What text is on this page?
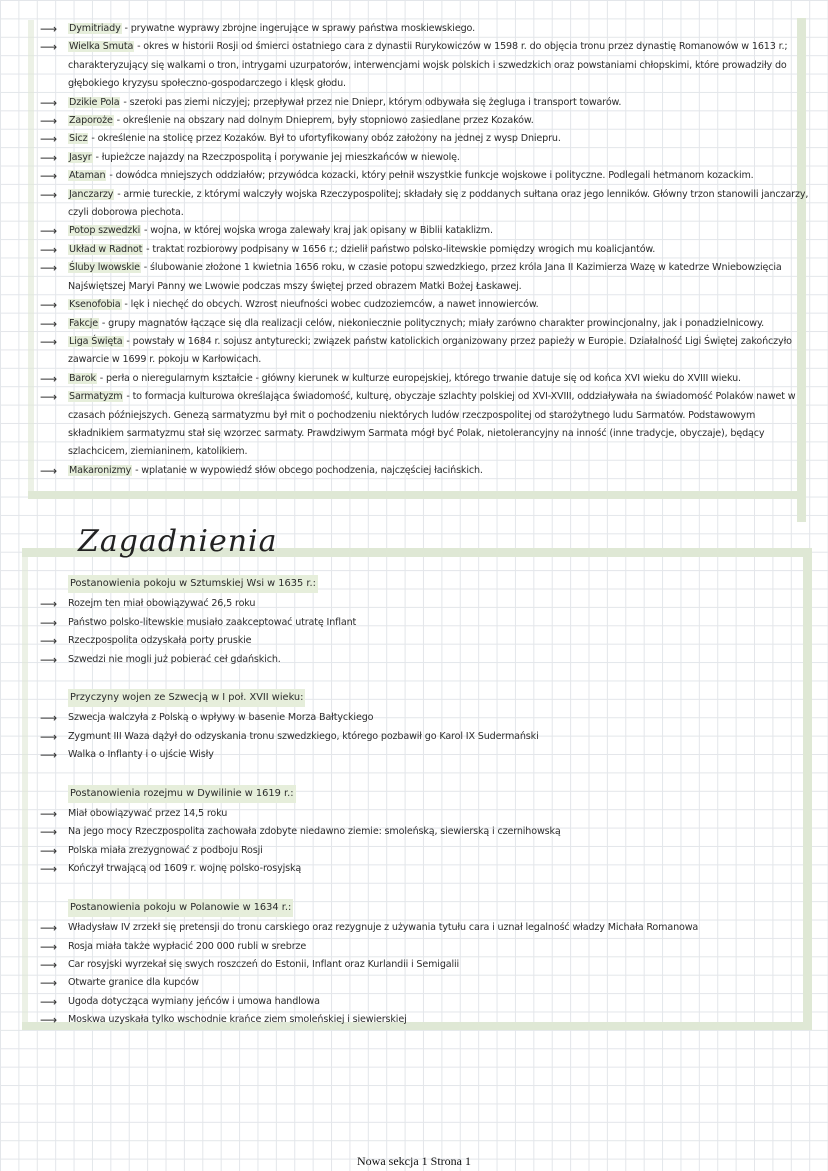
⟶	Dymitriady - prywatne wyprawy zbrojne ingerujące w sprawy państwa moskiewskiego.
⟶	Wielka Smuta - okres w historii Rosji od śmierci ostatniego cara z dynastii Rurykowiczów w 1598 r. do objęcia tronu przez dynastię Romanowów w 1613 r.; charakteryzujący się walkami o tron, intrygami uzurpatorów, interwencjami wojsk polskich i szwedzkich oraz powstaniami chłopskimi, które prowadziły do głębokiego kryzysu społeczno-gospodarczego i klęsk głodu.
⟶	Dzikie Pola - szeroki pas ziemi niczyjej; przepływał przez nie Dniepr, którym odbywała się żegluga i transport towarów.
⟶	Zaporoże - określenie na obszary nad dolnym Dnieprem, były stopniowo zasiedlane przez Kozaków.
⟶	Sicz - określenie na stolicę przez Kozaków. Był to ufortyfikowany obóz założony na jednej z wysp Dniepru.
⟶	Jasyr - łupieżcze najazdy na Rzeczpospolitą i porywanie jej mieszkańców w niewolę.
⟶	Ataman - dowódca mniejszych oddziałów; przywódca kozacki, który pełnił wszystkie funkcje wojskowe i polityczne. Podlegali hetmanom kozackim.
⟶	Janczarzy - armie tureckie, z którymi walczyły wojska Rzeczypospolitej; składały się z poddanych sułtana oraz jego lenników. Główny trzon stanowili janczarzy, czyli doborowa piechota.
⟶	Potop szwedzki - wojna, w której wojska wroga zalewały kraj jak opisany w Biblii kataklizm.
⟶	Układ w Radnot - traktat rozbiorowy podpisany w 1656 r.; dzielił państwo polsko-litewskie pomiędzy wrogich mu koalicjantów.
⟶	Śluby lwowskie - ślubowanie złożone 1 kwietnia 1656 roku, w czasie potopu szwedzkiego, przez króla Jana II Kazimierza Wazę w katedrze Wniebowzięcia Najświętszej Maryi Panny we Lwowie podczas mszy świętej przed obrazem Matki Bożej Łaskawej.
⟶	Ksenofobia - lęk i niechęć do obcych. Wzrost nieufności wobec cudzoziemców, a nawet innowierców.
⟶	Fakcje - grupy magnatów łączące się dla realizacji celów, niekoniecznie politycznych; miały zarówno charakter prowincjonalny, jak i ponadzielnicowy.
⟶	Liga Święta - powstały w 1684 r. sojusz antyturecki; związek państw katolickich organizowany przez papieży w Europie. Działalność Ligi Świętej zakończyło zawarcie w 1699 r. pokoju w Karłowicach.
⟶	Barok - perła o nieregularnym kształcie - główny kierunek w kulturze europejskiej, którego trwanie datuje się od końca XVI wieku do XVIII wieku.
⟶	Sarmatyzm - to formacja kulturowa określająca świadomość, kulturę, obyczaje szlachty polskiej od XVI-XVIII, oddziaływała na świadomość Polaków nawet w czasach późniejszych. Genezą sarmatyzmu był mit o pochodzeniu niektórych ludów rzeczpospolitej od starożytnego ludu Sarmatów. Podstawowym składnikiem sarmatyzmu stał się wzorzec sarmaty. Prawdziwym Sarmata mógł być Polak, nietolerancyjny na inność (inne tradycje, obyczaje), będący szlachcicem, ziemianinem, katolikiem.
⟶	Makaronizmy - wplatanie w wypowiedź słów obcego pochodzenia, najczęściej łacińskich.
Zagadnienia
Postanowienia pokoju w Sztumskiej Wsi w 1635 r.:
⟶	Rozejm ten miał obowiązywać 26,5 roku
⟶	Państwo polsko-litewskie musiało zaakceptować utratę Inflant
⟶	Rzeczpospolita odzyskała porty pruskie
⟶	Szwedzi nie mogli już pobierać ceł gdańskich.
Przyczyny wojen ze Szwecją w I poł. XVII wieku:
⟶	Szwecja walczyła z Polską o wpływy w basenie Morza Bałtyckiego
⟶	Zygmunt III Waza dążył do odzyskania tronu szwedzkiego, którego pozbawił go Karol IX Sudermański
⟶	Walka o Inflanty i o ujście Wisły
Postanowienia rozejmu w Dywilinie w 1619 r.:
⟶	Miał obowiązywać przez 14,5 roku
⟶	Na jego mocy Rzeczpospolita zachowała zdobyte niedawno ziemie: smoleńską, siewierską i czernihowską
⟶	Polska miała zrezygnować z podboju Rosji
⟶	Kończył trwającą od 1609 r. wojnę polsko-rosyjską
Postanowienia pokoju w Polanowie w 1634 r.:
⟶	Władysław IV zrzekł się pretensji do tronu carskiego oraz rezygnuje z używania tytułu cara i uznał legalność władzy Michała Romanowa
⟶	Rosja miała także wypłacić 200 000 rubli w srebrze
⟶	Car rosyjski wyrzekał się swych roszczeń do Estonii, Inflant oraz Kurlandii i Semigalii
⟶	Otwarte granice dla kupców
⟶	Ugoda dotycząca wymiany jeńców i umowa handlowa
⟶	Moskwa uzyskała tylko wschodnie krańce ziem smoleńskiej i siewierskiej
Nowa sekcja 1 Strona 1
